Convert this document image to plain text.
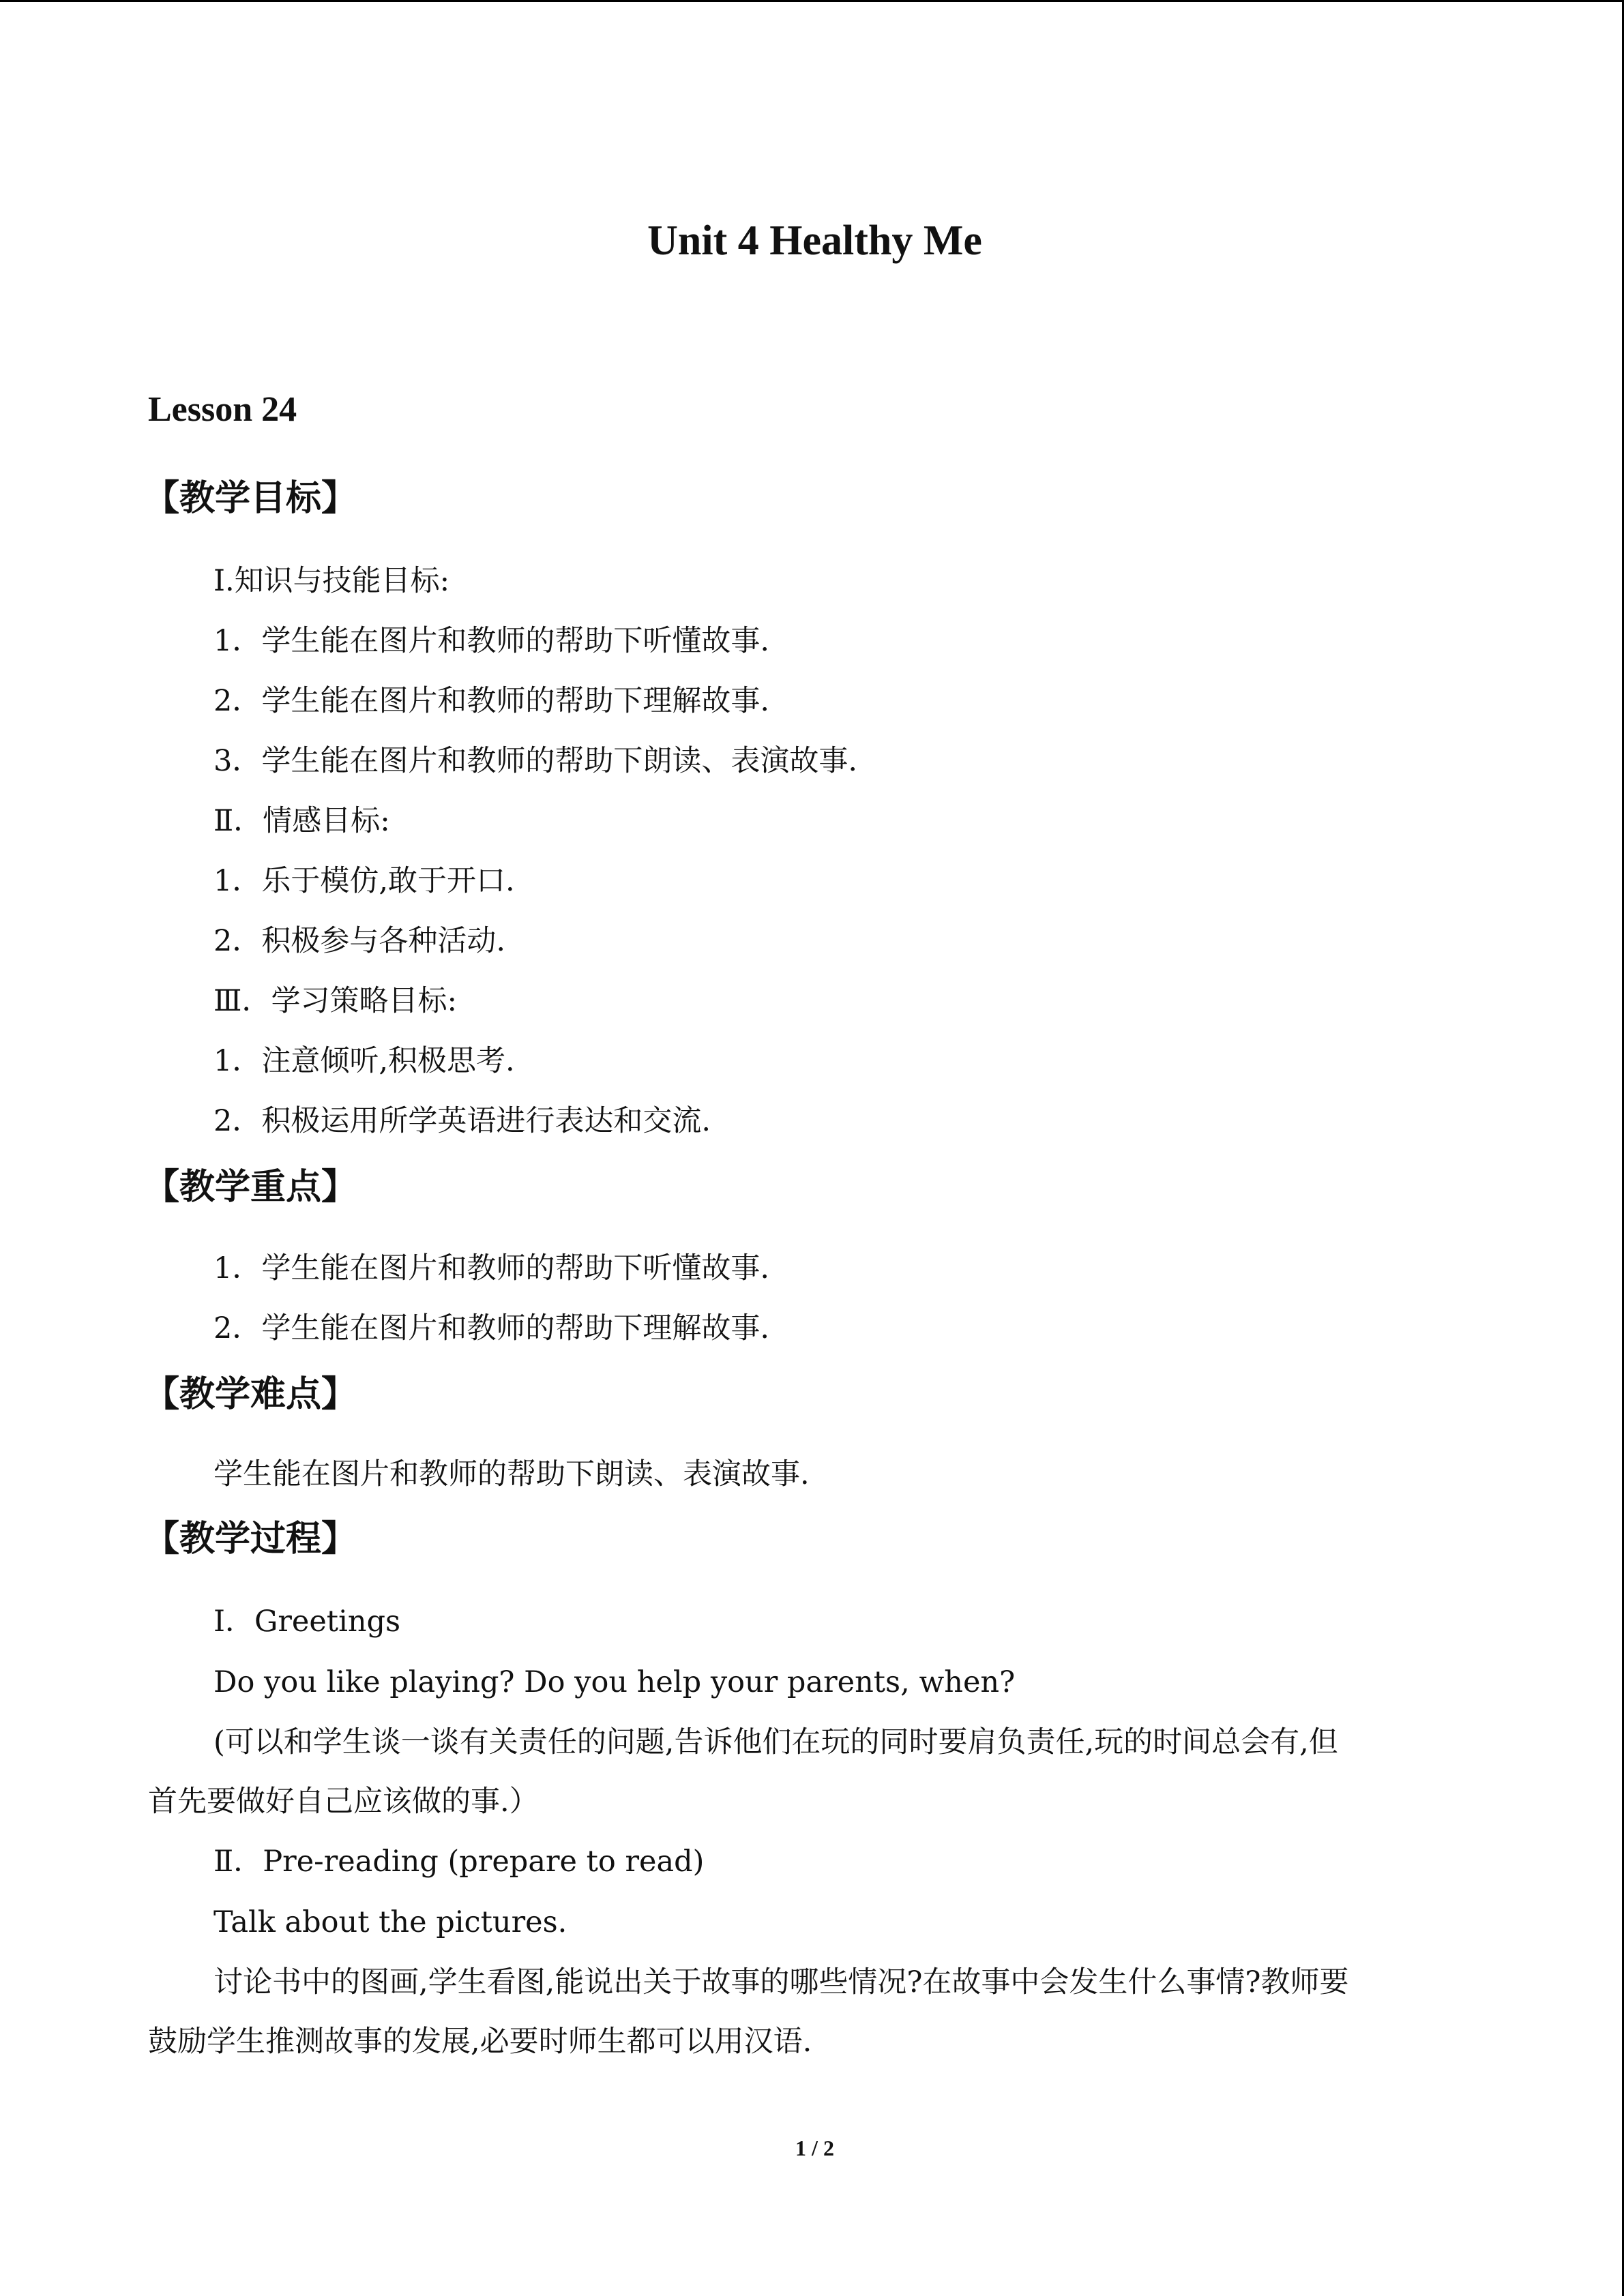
Unit 4 Healthy Me
Lesson 24
【教学目标】
Ⅰ.知识与技能目标:
1．学生能在图片和教师的帮助下听懂故事.
2．学生能在图片和教师的帮助下理解故事.
3．学生能在图片和教师的帮助下朗读、表演故事.
Ⅱ．情感目标:
1．乐于模仿,敢于开口.
2．积极参与各种活动.
Ⅲ．学习策略目标:
1．注意倾听,积极思考.
2．积极运用所学英语进行表达和交流.
【教学重点】
1．学生能在图片和教师的帮助下听懂故事.
2．学生能在图片和教师的帮助下理解故事.
【教学难点】
学生能在图片和教师的帮助下朗读、表演故事.
【教学过程】
Ⅰ．Greetings
Do you like playing? Do you help your parents, when?
(可以和学生谈一谈有关责任的问题,告诉他们在玩的同时要肩负责任,玩的时间总会有,但
首先要做好自己应该做的事.）
Ⅱ．Pre-reading (prepare to read)
Talk about the pictures.
讨论书中的图画,学生看图,能说出关于故事的哪些情况?在故事中会发生什么事情?教师要
鼓励学生推测故事的发展,必要时师生都可以用汉语.
1 / 2
